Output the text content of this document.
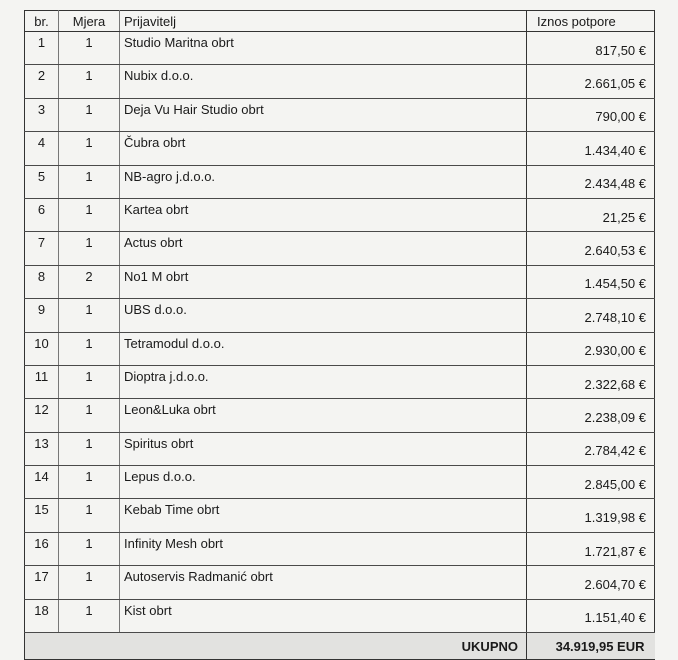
br.	Mjera	Prijavitelj	Iznos potpore
1	1	Studio Maritna obrt	817,50 €
2	1	Nubix d.o.o.	2.661,05 €
3	1	Deja Vu Hair Studio obrt	790,00 €
4	1	Čubra obrt	1.434,40 €
5	1	NB-agro j.d.o.o.	2.434,48 €
6	1	Kartea obrt	21,25 €
7	1	Actus obrt	2.640,53 €
8	2	No1 M obrt	1.454,50 €
9	1	UBS d.o.o.	2.748,10 €
10	1	Tetramodul d.o.o.	2.930,00 €
11	1	Dioptra j.d.o.o.	2.322,68 €
12	1	Leon&Luka obrt	2.238,09 €
13	1	Spiritus obrt	2.784,42 €
14	1	Lepus d.o.o.	2.845,00 €
15	1	Kebab Time obrt	1.319,98 €
16	1	Infinity Mesh obrt	1.721,87 €
17	1	Autoservis Radmanić obrt	2.604,70 €
18	1	Kist obrt	1.151,40 €
		UKUPNO	34.919,95 EUR
